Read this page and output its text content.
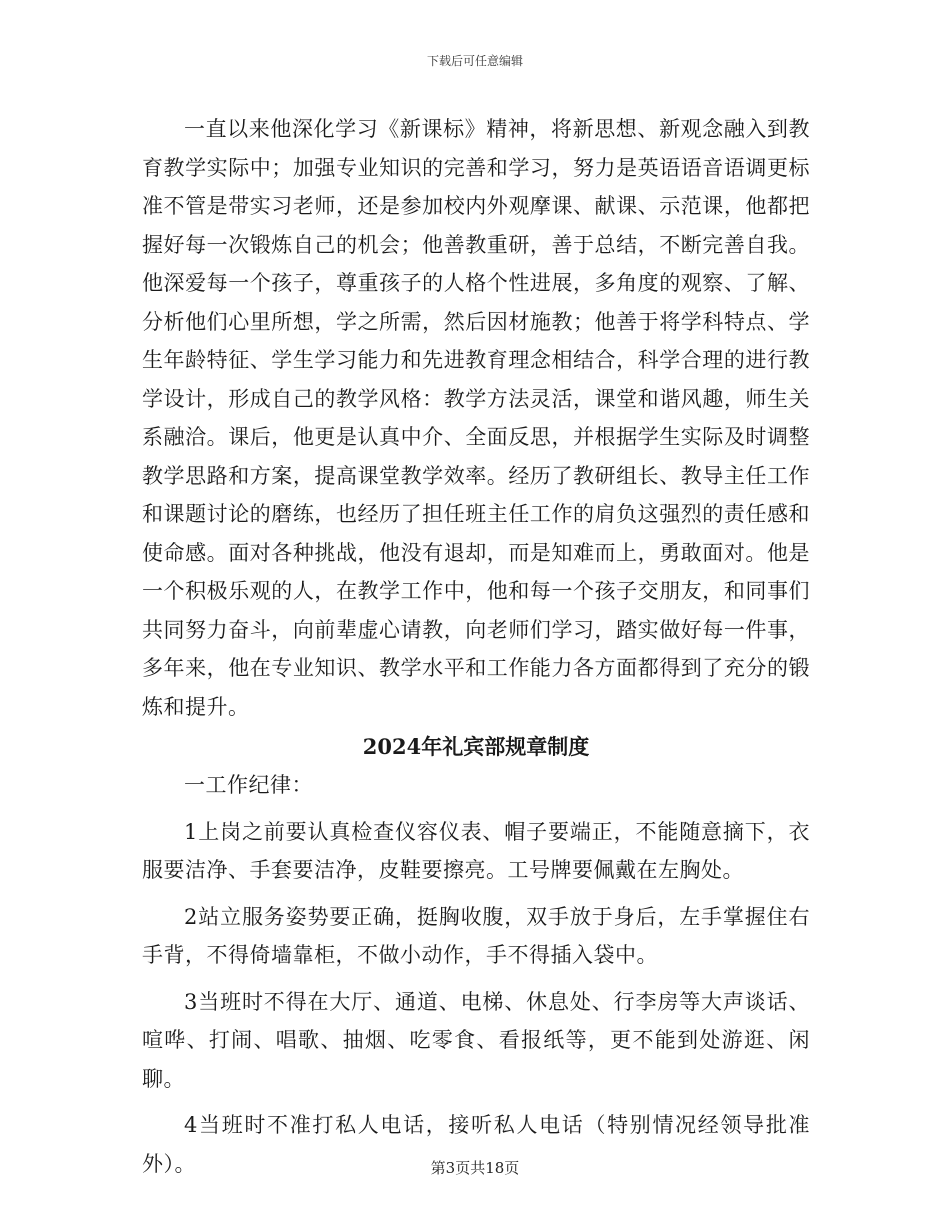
下载后可任意编辑

一直以来他深化学习《新课标》精神，将新思想、新观念融入到教育教学实际中；加强专业知识的完善和学习，努力是英语语音语调更标准不管是带实习老师，还是参加校内外观摩课、献课、示范课，他都把握好每一次锻炼自己的机会；他善教重研，善于总结，不断完善自我。他深爱每一个孩子，尊重孩子的人格个性进展，多角度的观察、了解、分析他们心里所想，学之所需，然后因材施教；他善于将学科特点、学生年龄特征、学生学习能力和先进教育理念相结合，科学合理的进行教学设计，形成自己的教学风格：教学方法灵活，课堂和谐风趣，师生关系融洽。课后，他更是认真中介、全面反思，并根据学生实际及时调整教学思路和方案，提高课堂教学效率。经历了教研组长、教导主任工作和课题讨论的磨练，也经历了担任班主任工作的肩负这强烈的责任感和使命感。面对各种挑战，他没有退却，而是知难而上，勇敢面对。他是一个积极乐观的人，在教学工作中，他和每一个孩子交朋友，和同事们共同努力奋斗，向前辈虚心请教，向老师们学习，踏实做好每一件事，多年来，他在专业知识、教学水平和工作能力各方面都得到了充分的锻炼和提升。

2024年礼宾部规章制度

一工作纪律：

1上岗之前要认真检查仪容仪表、帽子要端正，不能随意摘下，衣服要洁净、手套要洁净，皮鞋要擦亮。工号牌要佩戴在左胸处。

2站立服务姿势要正确，挺胸收腹，双手放于身后，左手掌握住右手背，不得倚墙靠柜，不做小动作，手不得插入袋中。

3当班时不得在大厅、通道、电梯、休息处、行李房等大声谈话、喧哗、打闹、唱歌、抽烟、吃零食、看报纸等，更不能到处游逛、闲聊。

4当班时不准打私人电话，接听私人电话（特别情况经领导批准外）。	第3页共18页
